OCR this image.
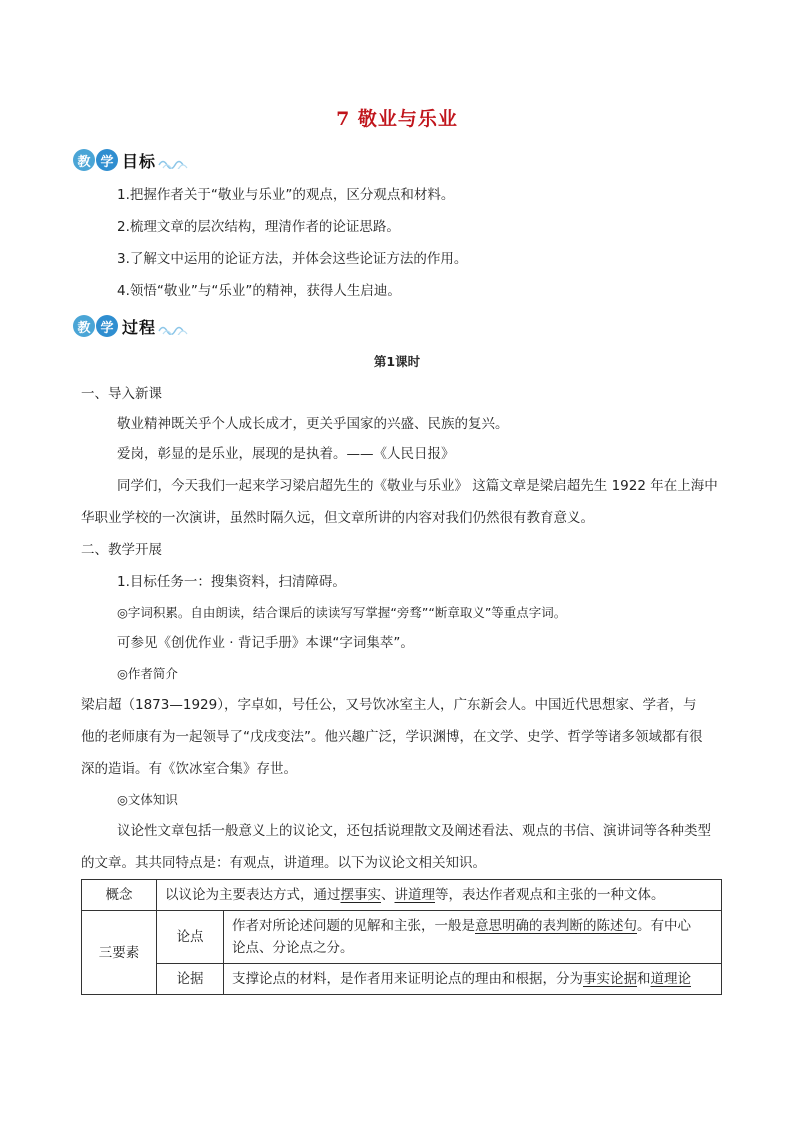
7 敬业与乐业
教 学 目标
1.把握作者关于“敬业与乐业”的观点，区分观点和材料。
2.梳理文章的层次结构，理清作者的论证思路。
3.了解文中运用的论证方法，并体会这些论证方法的作用。
4.领悟“敬业”与“乐业”的精神，获得人生启迪。
教 学 过程
第1课时
一、导入新课
敬业精神既关乎个人成长成才，更关乎国家的兴盛、民族的复兴。
爱岗，彰显的是乐业，展现的是执着。——《人民日报》
同学们，今天我们一起来学习梁启超先生的《敬业与乐业》 这篇文章是梁启超先生 1922 年在上海中
华职业学校的一次演讲，虽然时隔久远，但文章所讲的内容对我们仍然很有教育意义。
二、教学开展
1.目标任务一：搜集资料，扫清障碍。
◎字词积累。自由朗读，结合课后的读读写写掌握“旁骛”“断章取义”等重点字词。
可参见《创优作业 · 背记手册》本课“字词集萃”。
◎作者简介
梁启超（1873—1929），字卓如，号任公，又号饮冰室主人，广东新会人。中国近代思想家、学者，与
他的老师康有为一起领导了“戊戌变法”。他兴趣广泛，学识渊博，在文学、史学、哲学等诸多领域都有很
深的造诣。有《饮冰室合集》存世。
◎文体知识
议论性文章包括一般意义上的议论文，还包括说理散文及阐述看法、观点的书信、演讲词等各种类型
的文章。其共同特点是：有观点，讲道理。以下为议论文相关知识。
概念	以议论为主要表达方式，通过摆事实、讲道理等，表达作者观点和主张的一种文体。	
三要素	论点	作者对所论述问题的见解和主张，一般是意思明确的表判断的陈述句。有中心
论点、分论点之分。
	论据	支撑论点的材料，是作者用来证明论点的理由和根据，分为事实论据和道理论
